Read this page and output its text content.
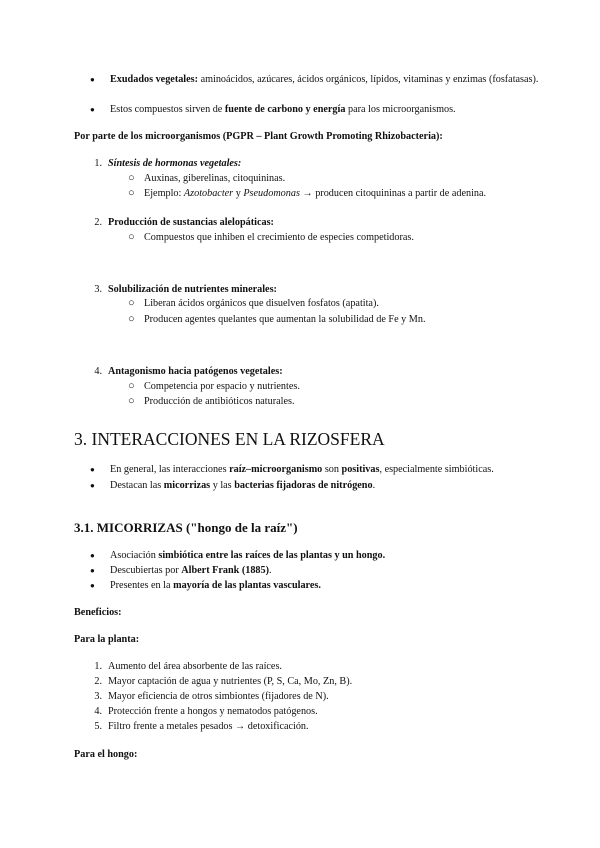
● Exudados vegetales: aminoácidos, azúcares, ácidos orgánicos, lípidos, vitaminas y enzimas (fosfatasas).
● Estos compuestos sirven de fuente de carbono y energía para los microorganismos.
Por parte de los microorganismos (PGPR – Plant Growth Promoting Rhizobacteria):
1. Síntesis de hormonas vegetales:
○ Auxinas, giberelinas, citoquininas.
○ Ejemplo: Azotobacter y Pseudomonas → producen citoquininas a partir de adenina.
2. Producción de sustancias alelopáticas:
○ Compuestos que inhiben el crecimiento de especies competidoras.
3. Solubilización de nutrientes minerales:
○ Liberan ácidos orgánicos que disuelven fosfatos (apatita).
○ Producen agentes quelantes que aumentan la solubilidad de Fe y Mn.
4. Antagonismo hacia patógenos vegetales:
○ Competencia por espacio y nutrientes.
○ Producción de antibióticos naturales.
3. INTERACCIONES EN LA RIZOSFERA
● En general, las interacciones raíz–microorganismo son positivas, especialmente simbióticas.
● Destacan las micorrizas y las bacterias fijadoras de nitrógeno.
3.1. MICORRIZAS ("hongo de la raíz")
● Asociación simbiótica entre las raíces de las plantas y un hongo.
● Descubiertas por Albert Frank (1885).
● Presentes en la mayoría de las plantas vasculares.
Beneficios:
Para la planta:
1. Aumento del área absorbente de las raíces.
2. Mayor captación de agua y nutrientes (P, S, Ca, Mo, Zn, B).
3. Mayor eficiencia de otros simbiontes (fijadores de N).
4. Protección frente a hongos y nematodos patógenos.
5. Filtro frente a metales pesados → detoxificación.
Para el hongo:
